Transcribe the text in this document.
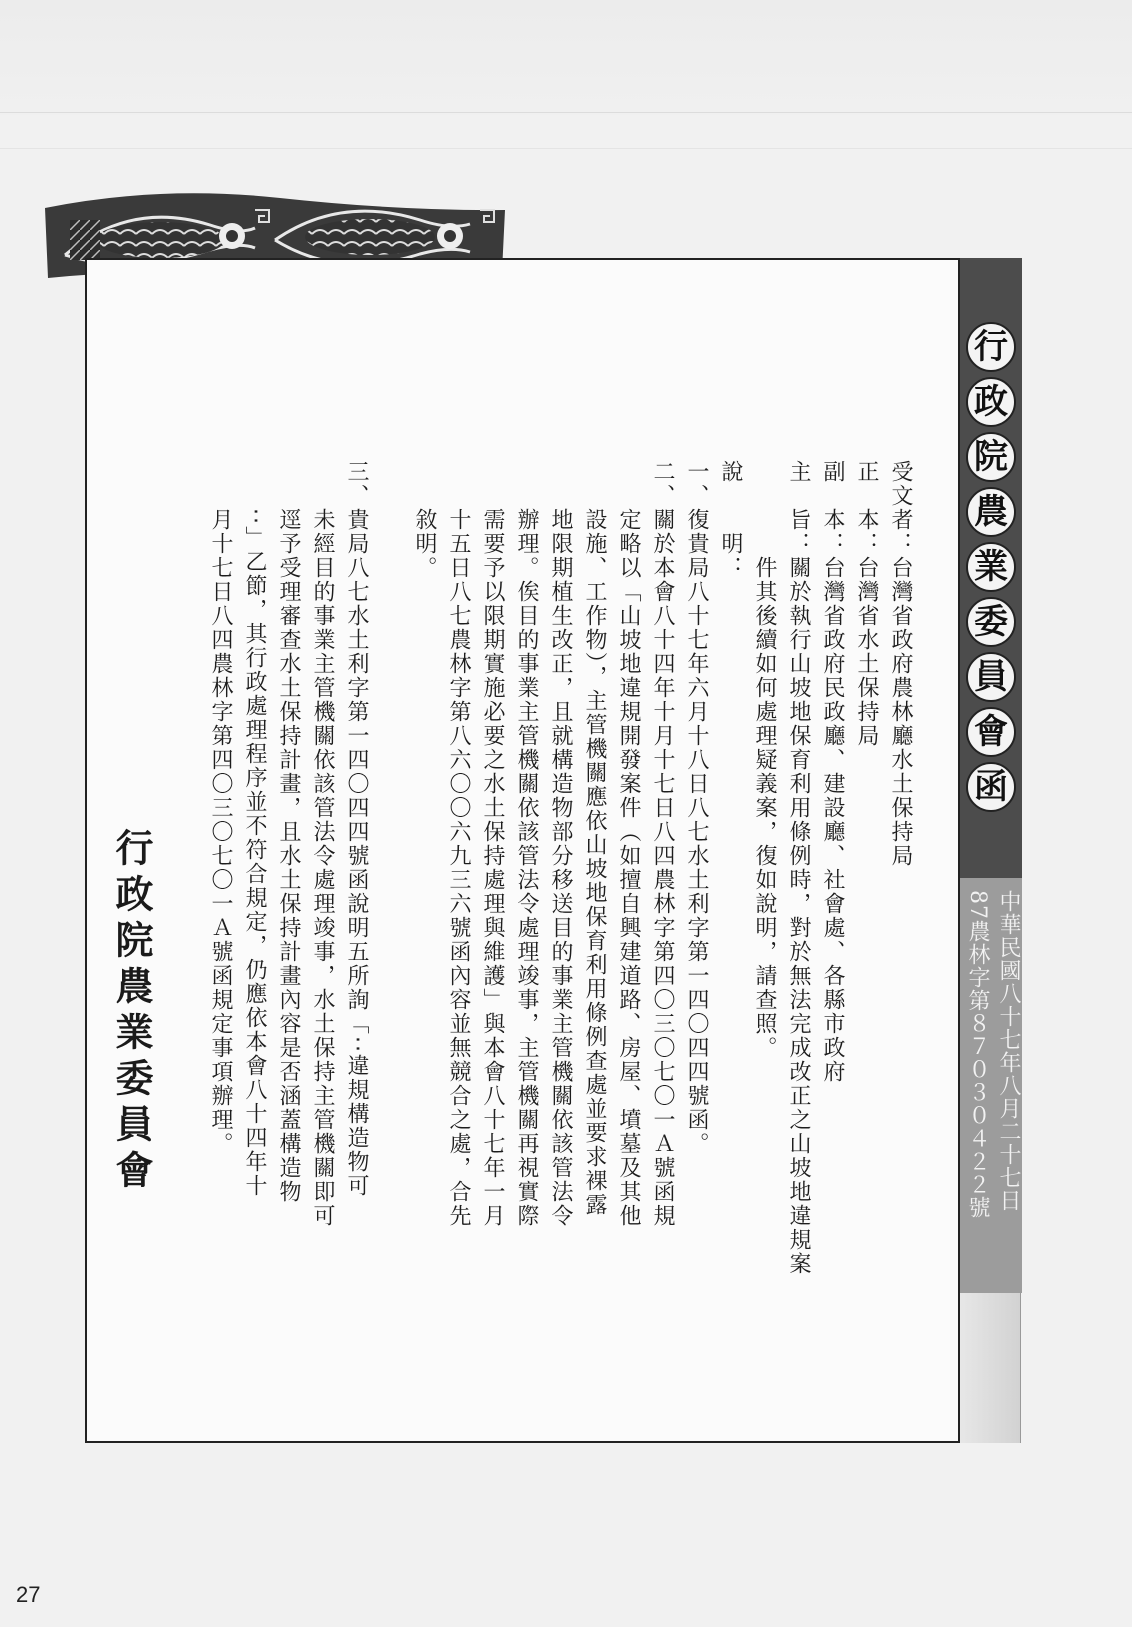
行
政
院
農
業
委
員
會
函
中華民國八十七年八月二十七日
87農林字第８７０３０４２２號
受文者：台灣省政府農林廳水土保持局
正　本：台灣省水土保持局
副　本：台灣省政府民政廳、建設廳、社會處、各縣市政府
主　旨：關於執行山坡地保育利用條例時，對於無法完成改正之山坡地違規案
　　　　件其後續如何處理疑義案，復如說明，請查照。
說　　明：
一、復貴局八十七年六月十八日八七水土利字第一四〇四四號函。
二、關於本會八十四年十月十七日八四農林字第四〇三〇七〇一Ａ號函規
　　定略以「山坡地違規開發案件（如擅自興建道路、房屋、墳墓及其他
　　設施、工作物），主管機關應依山坡地保育利用條例查處並要求裸露
　　地限期植生改正，且就構造物部分移送目的事業主管機關依該管法令
　　辦理。俟目的事業主管機關依該管法令處理竣事，主管機關再視實際
　　需要予以限期實施必要之水土保持處理與維護」與本會八十七年一月
　　十五日八七農林字第八六〇〇六九三六號函內容並無競合之處，合先
　　敘明。
三、貴局八七水土利字第一四〇四四號函說明五所詢「‧‧違規構造物可
　　未經目的事業主管機關依該管法令處理竣事，水土保持主管機關即可
　　逕予受理審查水土保持計畫，且水土保持計畫內容是否涵蓋構造物
　　‧‧」乙節，其行政處理程序並不符合規定，仍應依本會八十四年十
　　月十七日八四農林字第四〇三〇七〇一Ａ號函規定事項辦理。
行政院農業委員會
27
